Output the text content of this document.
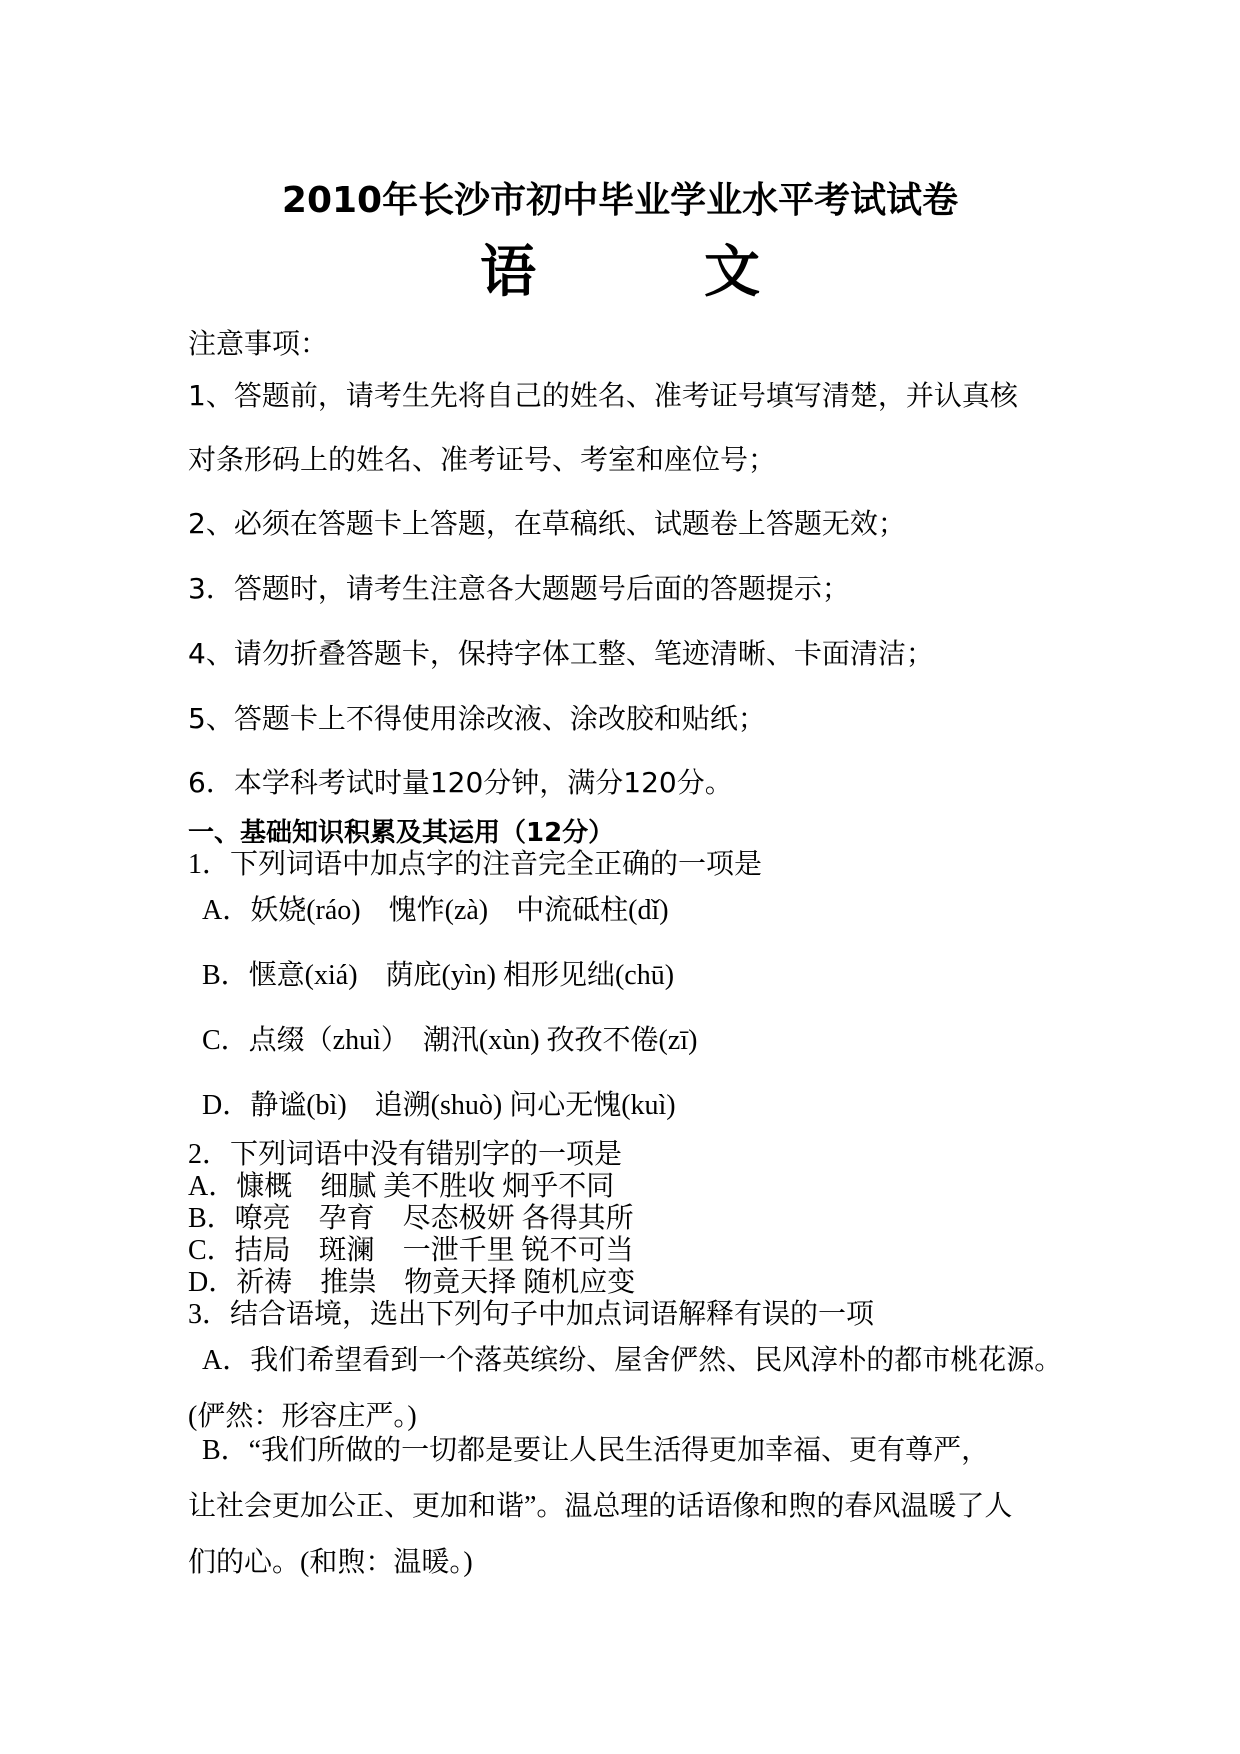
2010年长沙市初中毕业学业水平考试试卷
语　文
注意事项：
1、答题前，请考生先将自己的姓名、准考证号填写清楚，并认真核
对条形码上的姓名、准考证号、考室和座位号；
2、必须在答题卡上答题，在草稿纸、试题卷上答题无效；
3．答题时，请考生注意各大题题号后面的答题提示；
4、请勿折叠答题卡，保持字体工整、笔迹清晰、卡面清洁；
5、答题卡上不得使用涂改液、涂改胶和贴纸；
6．本学科考试时量120分钟，满分120分。
一、基础知识积累及其运用（12分）
1．下列词语中加点字的注音完全正确的一项是
A．妖娆(ráo)　愧怍(zà)　中流砥柱(dǐ)
B．惬意(xiá)　荫庇(yìn) 相形见绌(chū)
C．点缀（zhuì）　潮汛(xùn) 孜孜不倦(zī)
D．静谧(bì)　追溯(shuò) 问心无愧(kuì)
2．下列词语中没有错别字的一项是
A．慷概　细腻 美不胜收 炯乎不同
B．嘹亮　孕育　尽态极妍 各得其所
C．拮局　斑澜　一泄千里 锐不可当
D．祈祷　推祟　物竟天择 随机应变
3．结合语境，选出下列句子中加点词语解释有误的一项
A．我们希望看到一个落英缤纷、屋舍俨然、民风淳朴的都市桃花源。
(俨然：形容庄严。)
B．“我们所做的一切都是要让人民生活得更加幸福、更有尊严，
让社会更加公正、更加和谐”。温总理的话语像和煦的春风温暖了人
们的心。(和煦：温暖。)
